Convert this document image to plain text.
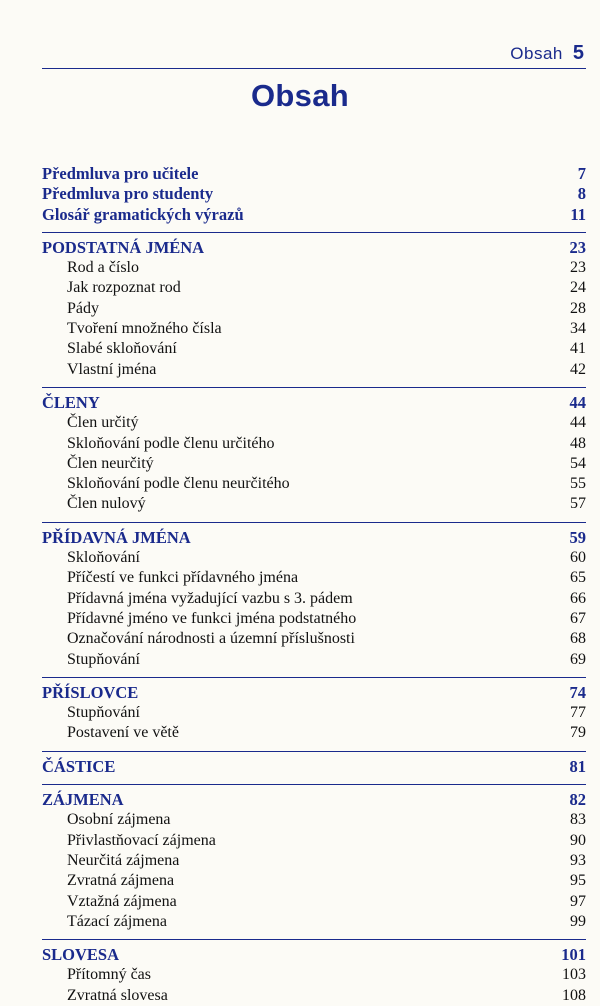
Obsah 5
Obsah
Předmluva pro učitele	7
Předmluva pro studenty	8
Glosář gramatických výrazů	11
PODSTATNÁ JMÉNA	23
Rod a číslo	23
Jak rozpoznat rod	24
Pády	28
Tvoření množného čísla	34
Slabé skloňování	41
Vlastní jména	42
ČLENY	44
Člen určitý	44
Skloňování podle členu určitého	48
Člen neurčitý	54
Skloňování podle členu neurčitého	55
Člen nulový	57
PŘÍDAVNÁ JMÉNA	59
Skloňování	60
Příčestí ve funkci přídavného jména	65
Přídavná jména vyžadující vazbu s 3. pádem	66
Přídavné jméno ve funkci jména podstatného	67
Označování národnosti a územní příslušnosti	68
Stupňování	69
PŘÍSLOVCE	74
Stupňování	77
Postavení ve větě	79
ČÁSTICE	81
ZÁJMENA	82
Osobní zájmena	83
Přivlastňovací zájmena	90
Neurčitá zájmena	93
Zvratná zájmena	95
Vztažná zájmena	97
Tázací zájmena	99
SLOVESA	101
Přítomný čas	103
Zvratná slovesa	108
